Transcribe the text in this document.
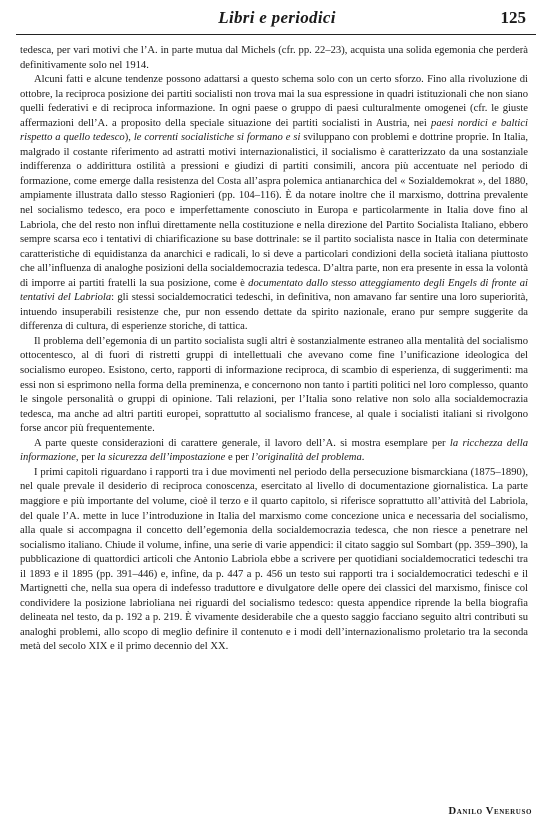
Libri e periodici	125

tedesca, per vari motivi che l’A. in parte mutua dal Michels (cfr. pp. 22–23), acquista una solida egemonia che perderà definitivamente solo nel 1914.

Alcuni fatti e alcune tendenze possono adattarsi a questo schema solo con un certo sforzo. Fino alla rivoluzione di ottobre, la reciproca posizione dei partiti socialisti non trova mai la sua espressione in quadri istituzionali che non siano quelli federativi e di reciproca informazione. In ogni paese o gruppo di paesi culturalmente omogenei (cfr. le giuste affermazioni dell’A. a proposito della speciale situazione dei partiti socialisti in Austria, nei paesi nordici e baltici rispetto a quello tedesco), le correnti socialistiche si formano e si sviluppano con problemi e dottrine proprie. In Italia, malgrado il costante riferimento ad astratti motivi internazionalistici, il socialismo è caratterizzato da una sostanziale indifferenza o addirittura ostilità a pressioni e giudizi di partiti consimili, ancora più accentuate nel periodo di formazione, come emerge dalla resistenza del Costa all’aspra polemica antianarchica del « Sozialdemokrat », del 1880, ampiamente illustrata dallo stesso Ragionieri (pp. 104–116). È da notare inoltre che il marxismo, dottrina prevalente nel socialismo tedesco, era poco e imperfettamente conosciuto in Europa e particolarmente in Italia dove fino al Labriola, che del resto non influì direttamente nella costituzione e nella direzione del Partito Socialista Italiano, ebbero sempre scarsa eco i tentativi di chiarificazione su base dottrinale: se il partito socialista nasce in Italia con determinate caratteristiche di equidistanza da anarchici e radicali, lo si deve a particolari condizioni della società italiana piuttosto che all’influenza di analoghe posizioni della socialdemocrazia tedesca. D’altra parte, non era presente in essa la volontà di imporre ai partiti fratelli la sua posizione, come è documentato dallo stesso atteggiamento degli Engels di fronte ai tentativi del Labriola: gli stessi socialdemocratici tedeschi, in definitiva, non amavano far sentire una loro superiorità, intuendo insuperabili resistenze che, pur non essendo dettate da spirito nazionale, erano pur sempre suggerite da differenza di cultura, di esperienze storiche, di tattica.

Il problema dell’egemonia di un partito socialista sugli altri è sostanzialmente estraneo alla mentalità del socialismo ottocentesco, al di fuori di ristretti gruppi di intellettuali che avevano come fine l’unificazione ideologica del socialismo europeo. Esistono, certo, rapporti di informazione reciproca, di scambio di esperienza, di suggerimenti: ma essi non si esprimono nella forma della preminenza, e concernono non tanto i partiti politici nel loro complesso, quanto le singole personalità o gruppi di opinione. Tali relazioni, per l’Italia sono relative non solo alla socialdemocrazia tedesca, ma anche ad altri partiti europei, soprattutto al socialismo francese, al quale i socialisti italiani si rivolgono forse ancor più frequentemente.

A parte queste considerazioni di carattere generale, il lavoro dell’A. si mostra esemplare per la ricchezza della informazione, per la sicurezza dell’impostazione e per l’originalità del problema.

I primi capitoli riguardano i rapporti tra i due movimenti nel periodo della persecuzione bismarckiana (1875–1890), nel quale prevale il desiderio di reciproca conoscenza, esercitato al livello di documentazione giornalistica. La parte maggiore e più importante del volume, cioè il terzo e il quarto capitolo, si riferisce soprattutto all’attività del Labriola, del quale l’A. mette in luce l’introduzione in Italia del marxismo come concezione unica e necessaria del socialismo, alla quale si accompagna il concetto dell’egemonia della socialdemocrazia tedesca, che non riesce a penetrare nel socialismo italiano. Chiude il volume, infine, una serie di varie appendici: il citato saggio sul Sombart (pp. 359–390), la pubblicazione di quattordici articoli che Antonio Labriola ebbe a scrivere per quotidiani socialdemocratici tedeschi tra il 1893 e il 1895 (pp. 391–446) e, infine, da p. 447 a p. 456 un testo sui rapporti tra i socialdemocratici tedeschi e il Martignetti che, nella sua opera di indefesso traduttore e divulgatore delle opere dei classici del marxismo, finisce col condividere la posizione labrioliana nei riguardi del socialismo tedesco: questa appendice riprende la bella biografia delineata nel testo, da p. 192 a p. 219. È vivamente desiderabile che a questo saggio facciano seguito altri contributi su analoghi problemi, allo scopo di meglio definire il contenuto e i modi dell’internazionalismo proletario tra la seconda metà del secolo XIX e il primo decennio del XX.

Danilo Veneruso
